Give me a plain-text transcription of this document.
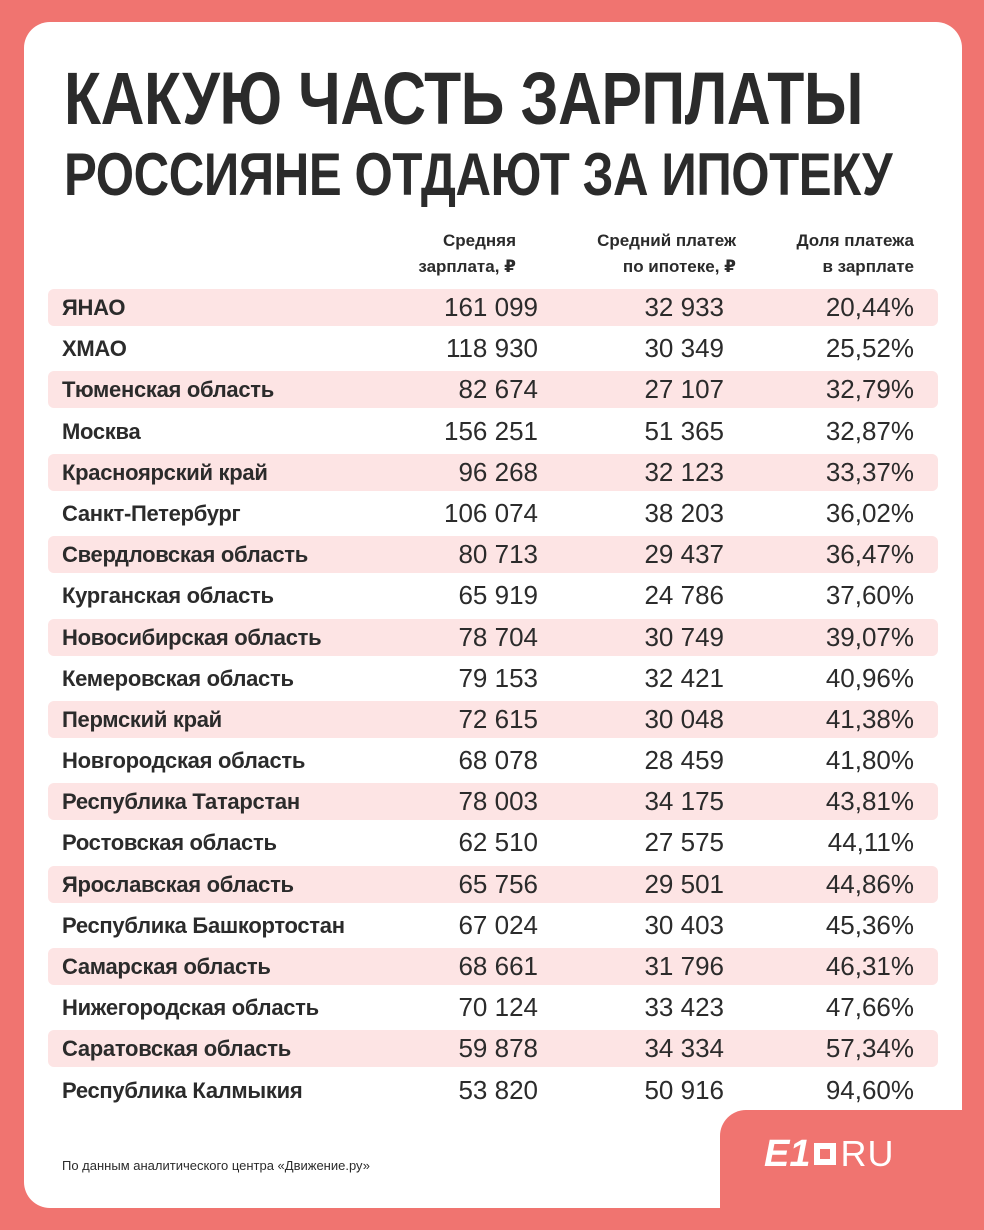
КАКУЮ ЧАСТЬ ЗАРПЛАТЫ
РОССИЯНЕ ОТДАЮТ ЗА ИПОТЕКУ
Средняя
зарплата, ₽
Средний платеж
по ипотеке, ₽
Доля платежа
в зарплате
ЯНАО	161 099	32 933	20,44%
ХМАО	118 930	30 349	25,52%
Тюменская область	82 674	27 107	32,79%
Москва	156 251	51 365	32,87%
Красноярский край	96 268	32 123	33,37%
Санкт-Петербург	106 074	38 203	36,02%
Свердловская область	80 713	29 437	36,47%
Курганская область	65 919	24 786	37,60%
Новосибирская область	78 704	30 749	39,07%
Кемеровская область	79 153	32 421	40,96%
Пермский край	72 615	30 048	41,38%
Новгородская область	68 078	28 459	41,80%
Республика Татарстан	78 003	34 175	43,81%
Ростовская область	62 510	27 575	44,11%
Ярославская область	65 756	29 501	44,86%
Республика Башкортостан	67 024	30 403	45,36%
Самарская область	68 661	31 796	46,31%
Нижегородская область	70 124	33 423	47,66%
Саратовская область	59 878	34 334	57,34%
Республика Калмыкия	53 820	50 916	94,60%
По данным аналитического центра «Движение.ру»	E1 RU
